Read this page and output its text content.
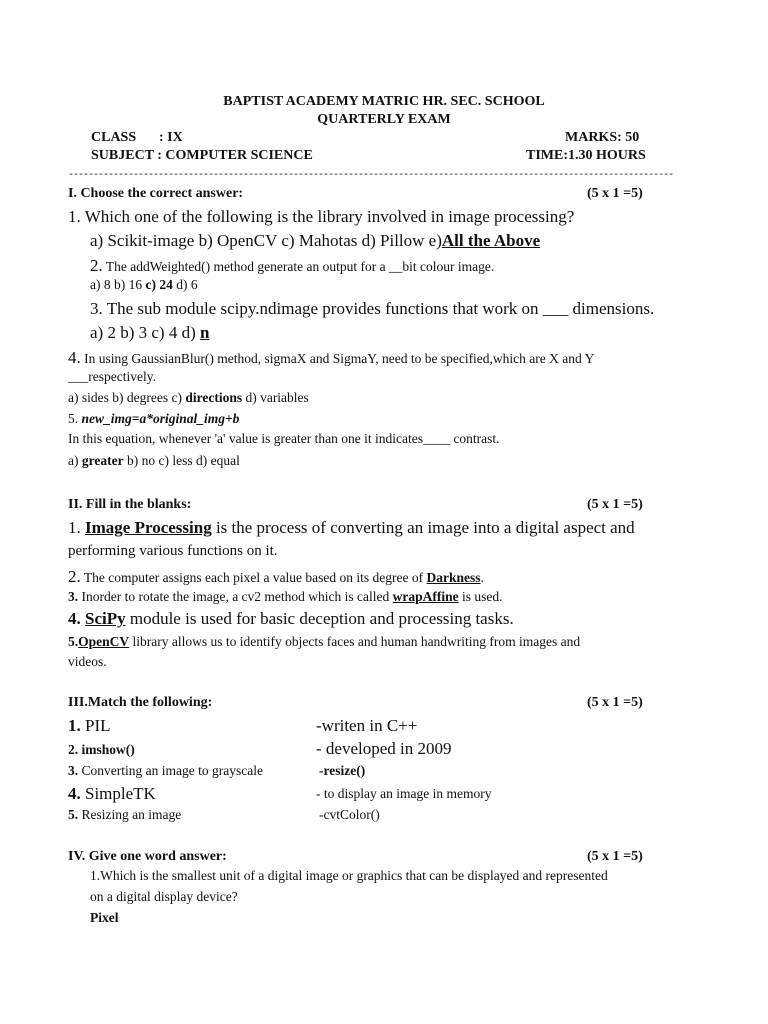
BAPTIST ACADEMY MATRIC HR. SEC. SCHOOL
QUARTERLY EXAM
CLASS : IX	MARKS: 50
SUBJECT : COMPUTER SCIENCE	TIME:1.30 HOURS
-------------------------------------------------------------------------------------------------------------------------
I. Choose the correct answer:	(5 x 1 =5)
1. Which one of the following is the library involved in image processing?
a) Scikit-image b) OpenCV c) Mahotas d) Pillow e)All the Above
2. The addWeighted() method generate an output for a __bit colour image.
a) 8 b) 16 c) 24 d) 6
3. The sub module scipy.ndimage provides functions that work on ___ dimensions.
a) 2 b) 3 c) 4 d) n
4. In using GaussianBlur() method, sigmaX and SigmaY, need to be specified,which are X and Y
___respectively.
a) sides b) degrees c) directions d) variables
5. new_img=a*original_img+b
In this equation, whenever 'a' value is greater than one it indicates____ contrast.
a) greater b) no c) less d) equal
II. Fill in the blanks:	(5 x 1 =5)
1. Image Processing is the process of converting an image into a digital aspect and
performing various functions on it.
2. The computer assigns each pixel a value based on its degree of Darkness.
3. Inorder to rotate the image, a cv2 method which is called wrapAffine is used.
4. SciPy module is used for basic deception and processing tasks.
5.OpenCV library allows us to identify objects faces and human handwriting from images and
videos.
III.Match the following:	(5 x 1 =5)
1. PIL	-writen in C++
2. imshow()	- developed in 2009
3. Converting an image to grayscale	-resize()
4. SimpleTK	- to display an image in memory
5. Resizing an image	-cvtColor()
IV. Give one word answer:	(5 x 1 =5)
1.Which is the smallest unit of a digital image or graphics that can be displayed and represented
on a digital display device?
Pixel
